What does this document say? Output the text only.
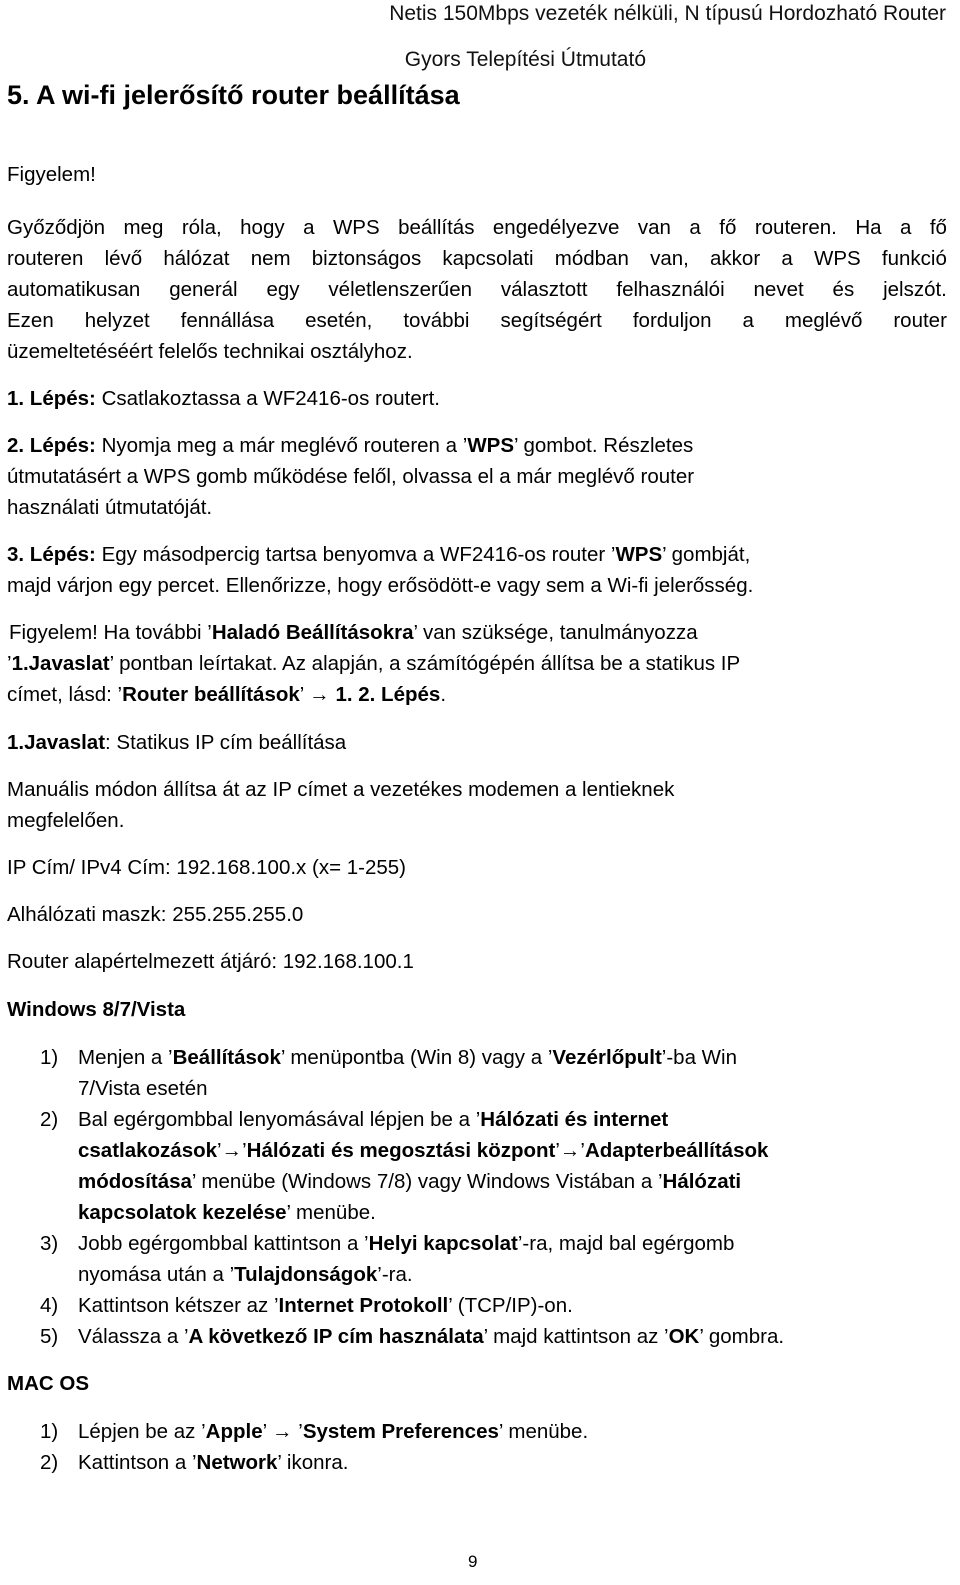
Netis 150Mbps vezeték nélküli, N típusú Hordozható Router
Gyors Telepítési Útmutató
5. A wi-fi jelerősítő router beállítása
Figyelem!
Győződjön meg róla, hogy a WPS beállítás engedélyezve van a fő routeren. Ha a fő
routeren lévő hálózat nem biztonságos kapcsolati módban van, akkor a WPS funkció
automatikusan generál egy véletlenszerűen választott felhasználói nevet és jelszót.
Ezen helyzet fennállása esetén, további segítségért forduljon a meglévő router
üzemeltetéséért felelős technikai osztályhoz.
1. Lépés: Csatlakoztassa a WF2416-os routert.
2. Lépés: Nyomja meg a már meglévő routeren a ’WPS’ gombot. Részletes
útmutatásért a WPS gomb működése felől, olvassa el a már meglévő router
használati útmutatóját.
3. Lépés: Egy másodpercig tartsa benyomva a WF2416-os router ’WPS’ gombját,
majd várjon egy percet. Ellenőrizze, hogy erősödött-e vagy sem a Wi-fi jelerősség.
Figyelem! Ha további ’Haladó Beállításokra’ van szüksége, tanulmányozza
’1.Javaslat’ pontban leírtakat. Az alapján, a számítógépén állítsa be a statikus IP
címet, lásd: ’Router beállítások’ → 1. 2. Lépés.
1.Javaslat: Statikus IP cím beállítása
Manuális módon állítsa át az IP címet a vezetékes modemen a lentieknek
megfelelően.
IP Cím/ IPv4 Cím: 192.168.100.x (x= 1-255)
Alhálózati maszk: 255.255.255.0
Router alapértelmezett átjáró: 192.168.100.1
Windows 8/7/Vista
1) Menjen a ’Beállítások’ menüpontba (Win 8) vagy a ’Vezérlőpult’-ba Win
7/Vista esetén
2) Bal egérgombbal lenyomásával lépjen be a ’Hálózati és internet
csatlakozások’→’Hálózati és megosztási központ’→’Adapterbeállítások
módosítása’ menübe (Windows 7/8) vagy Windows Vistában a ’Hálózati
kapcsolatok kezelése’ menübe.
3) Jobb egérgombbal kattintson a ’Helyi kapcsolat’-ra, majd bal egérgomb
nyomása után a ’Tulajdonságok’-ra.
4) Kattintson kétszer az ’Internet Protokoll’ (TCP/IP)-on.
5) Válassza a ’A következő IP cím használata’ majd kattintson az ’OK’ gombra.
MAC OS
1) Lépjen be az ’Apple’ → ’System Preferences’ menübe.
2) Kattintson a ’Network’ ikonra.
9
